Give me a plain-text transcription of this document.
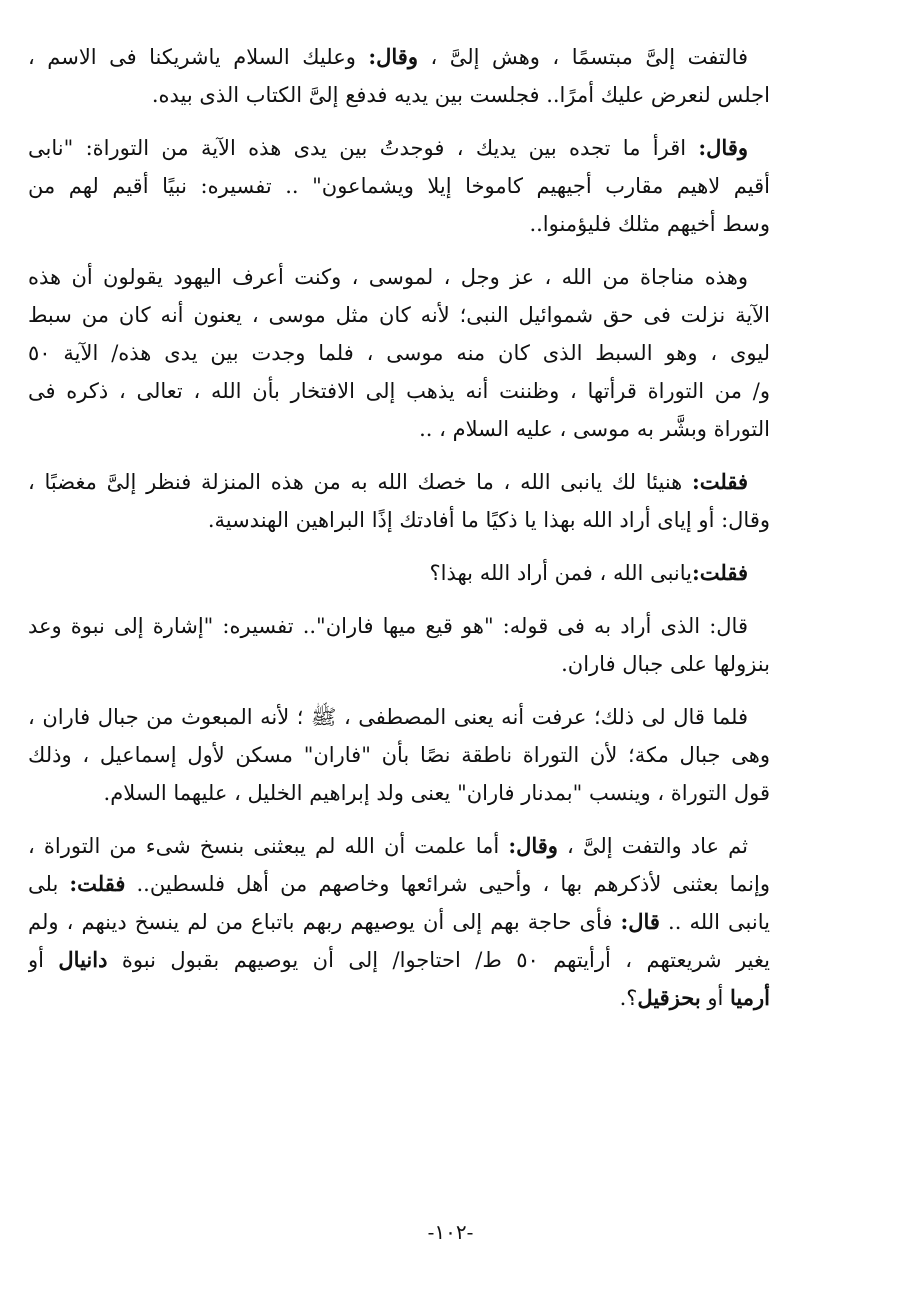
فالتفت إلىَّ مبتسمًا ، وهش إلىَّ ، وقال: وعليك السلام ياشريكنا فى الاسم ،
اجلس لنعرض عليك أمرًا.. فجلست بين يديه فدفع إلىَّ الكتاب الذى بيده.
وقال: اقرأ ما تجده بين يديك ، فوجدتُ بين يدى هذه الآية من التوراة: "نابى
أقيم لاهيم مقارب أجيهيم كاموخا إيلا ويشماعون" .. تفسيره: نبيًا أقيم لهم من
وسط أخيهم مثلك فليؤمنوا..
وهذه مناجاة من الله ، عز وجل ، لموسى ، وكنت أعرف اليهود يقولون أن هذه
الآية نزلت فى حق شموائيل النبى؛ لأنه كان مثل موسى ، يعنون أنه كان من سبط
ليوى ، وهو السبط الذى كان منه موسى ، فلما وجدت بين يدى هذه/ الآية ٥٠
و/ من التوراة قرأتها ، وظننت أنه يذهب إلى الافتخار بأن الله ، تعالى ، ذكره فى
التوراة وبشَّر به موسى ، عليه السلام ، ..
فقلت: هنيئا لك يانبى الله ، ما خصك الله به من هذه المنزلة فنظر إلىَّ مغضبًا ،
وقال: أو إياى أراد الله بهذا يا ذكيًا ما أفادتك إذًا البراهين الهندسية.
فقلت:يانبى الله ، فمن أراد الله بهذا؟
قال: الذى أراد به فى قوله: "هو قيع ميها فاران".. تفسيره: "إشارة إلى نبوة وعد
بنزولها على جبال فاران.
فلما قال لى ذلك؛ عرفت أنه يعنى المصطفى ، ﷺ ؛ لأنه المبعوث من جبال فاران ،
وهى جبال مكة؛ لأن التوراة ناطقة نصًا بأن "فاران" مسكن لأول إسماعيل ، وذلك
قول التوراة ، وينسب "بمدنار فاران" يعنى ولد إبراهيم الخليل ، عليهما السلام.
ثم عاد والتفت إلىَّ ، وقال: أما علمت أن الله لم يبعثنى بنسخ شىء من التوراة ،
وإنما بعثنى لأذكرهم بها ، وأحيى شرائعها وخاصهم من أهل فلسطين.. فقلت: بلى
يانبى الله .. قال: فأى حاجة بهم إلى أن يوصيهم ربهم باتباع من لم ينسخ دينهم ، ولم
يغير شريعتهم ، أرأيتهم ٥٠ ط/ احتاجوا/ إلى أن يوصيهم بقبول نبوة دانيال أو
أرميا أو بحزقيل؟.
-١٠٢-
